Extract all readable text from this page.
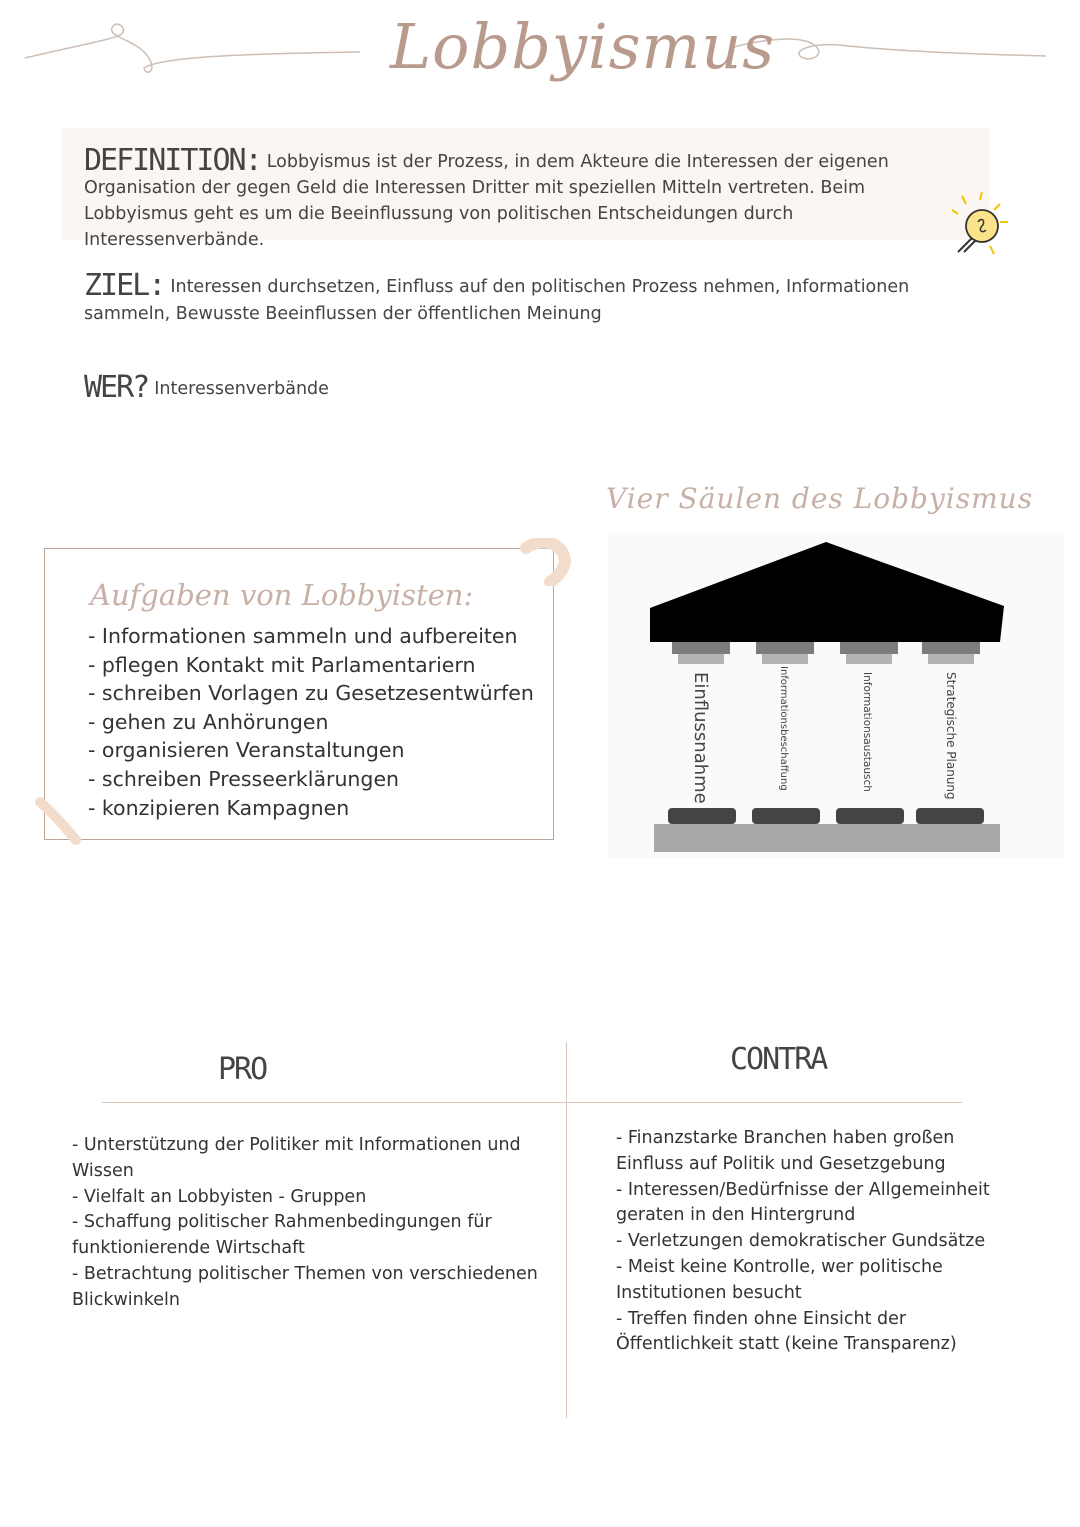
Lobbyismus
DEFINITION: Lobbyismus ist der Prozess, in dem Akteure die Interessen der eigenen Organisation der gegen Geld die Interessen Dritter mit speziellen Mitteln vertreten. Beim Lobbyismus geht es um die Beeinflussung von politischen Entscheidungen durch Interessenverbände.
ZIEL: Interessen durchsetzen, Einfluss auf den politischen Prozess nehmen, Informationen sammeln, Bewusste Beeinflussen der öffentlichen Meinung
WER? Interessenverbände
Vier Säulen des Lobbyismus
Einflussnahme	Informationsbeschaffung	Informationsaustausch	Strategische Planung
Aufgaben von Lobbyisten:
- Informationen sammeln und aufbereiten
- pflegen Kontakt mit Parlamentariern
- schreiben Vorlagen zu Gesetzesentwürfen
- gehen zu Anhörungen
- organisieren Veranstaltungen
- schreiben Presseerklärungen
- konzipieren Kampagnen
PRO	CONTRA
- Unterstützung der Politiker mit Informationen und Wissen
- Vielfalt an Lobbyisten - Gruppen
- Schaffung politischer Rahmenbedingungen für funktionierende Wirtschaft
- Betrachtung politischer Themen von verschiedenen Blickwinkeln
- Finanzstarke Branchen haben großen Einfluss auf Politik und Gesetzgebung
- Interessen/Bedürfnisse der Allgemeinheit geraten in den Hintergrund
- Verletzungen demokratischer Gundsätze
- Meist keine Kontrolle, wer politische Institutionen besucht
- Treffen finden ohne Einsicht der Öffentlichkeit statt (keine Transparenz)
